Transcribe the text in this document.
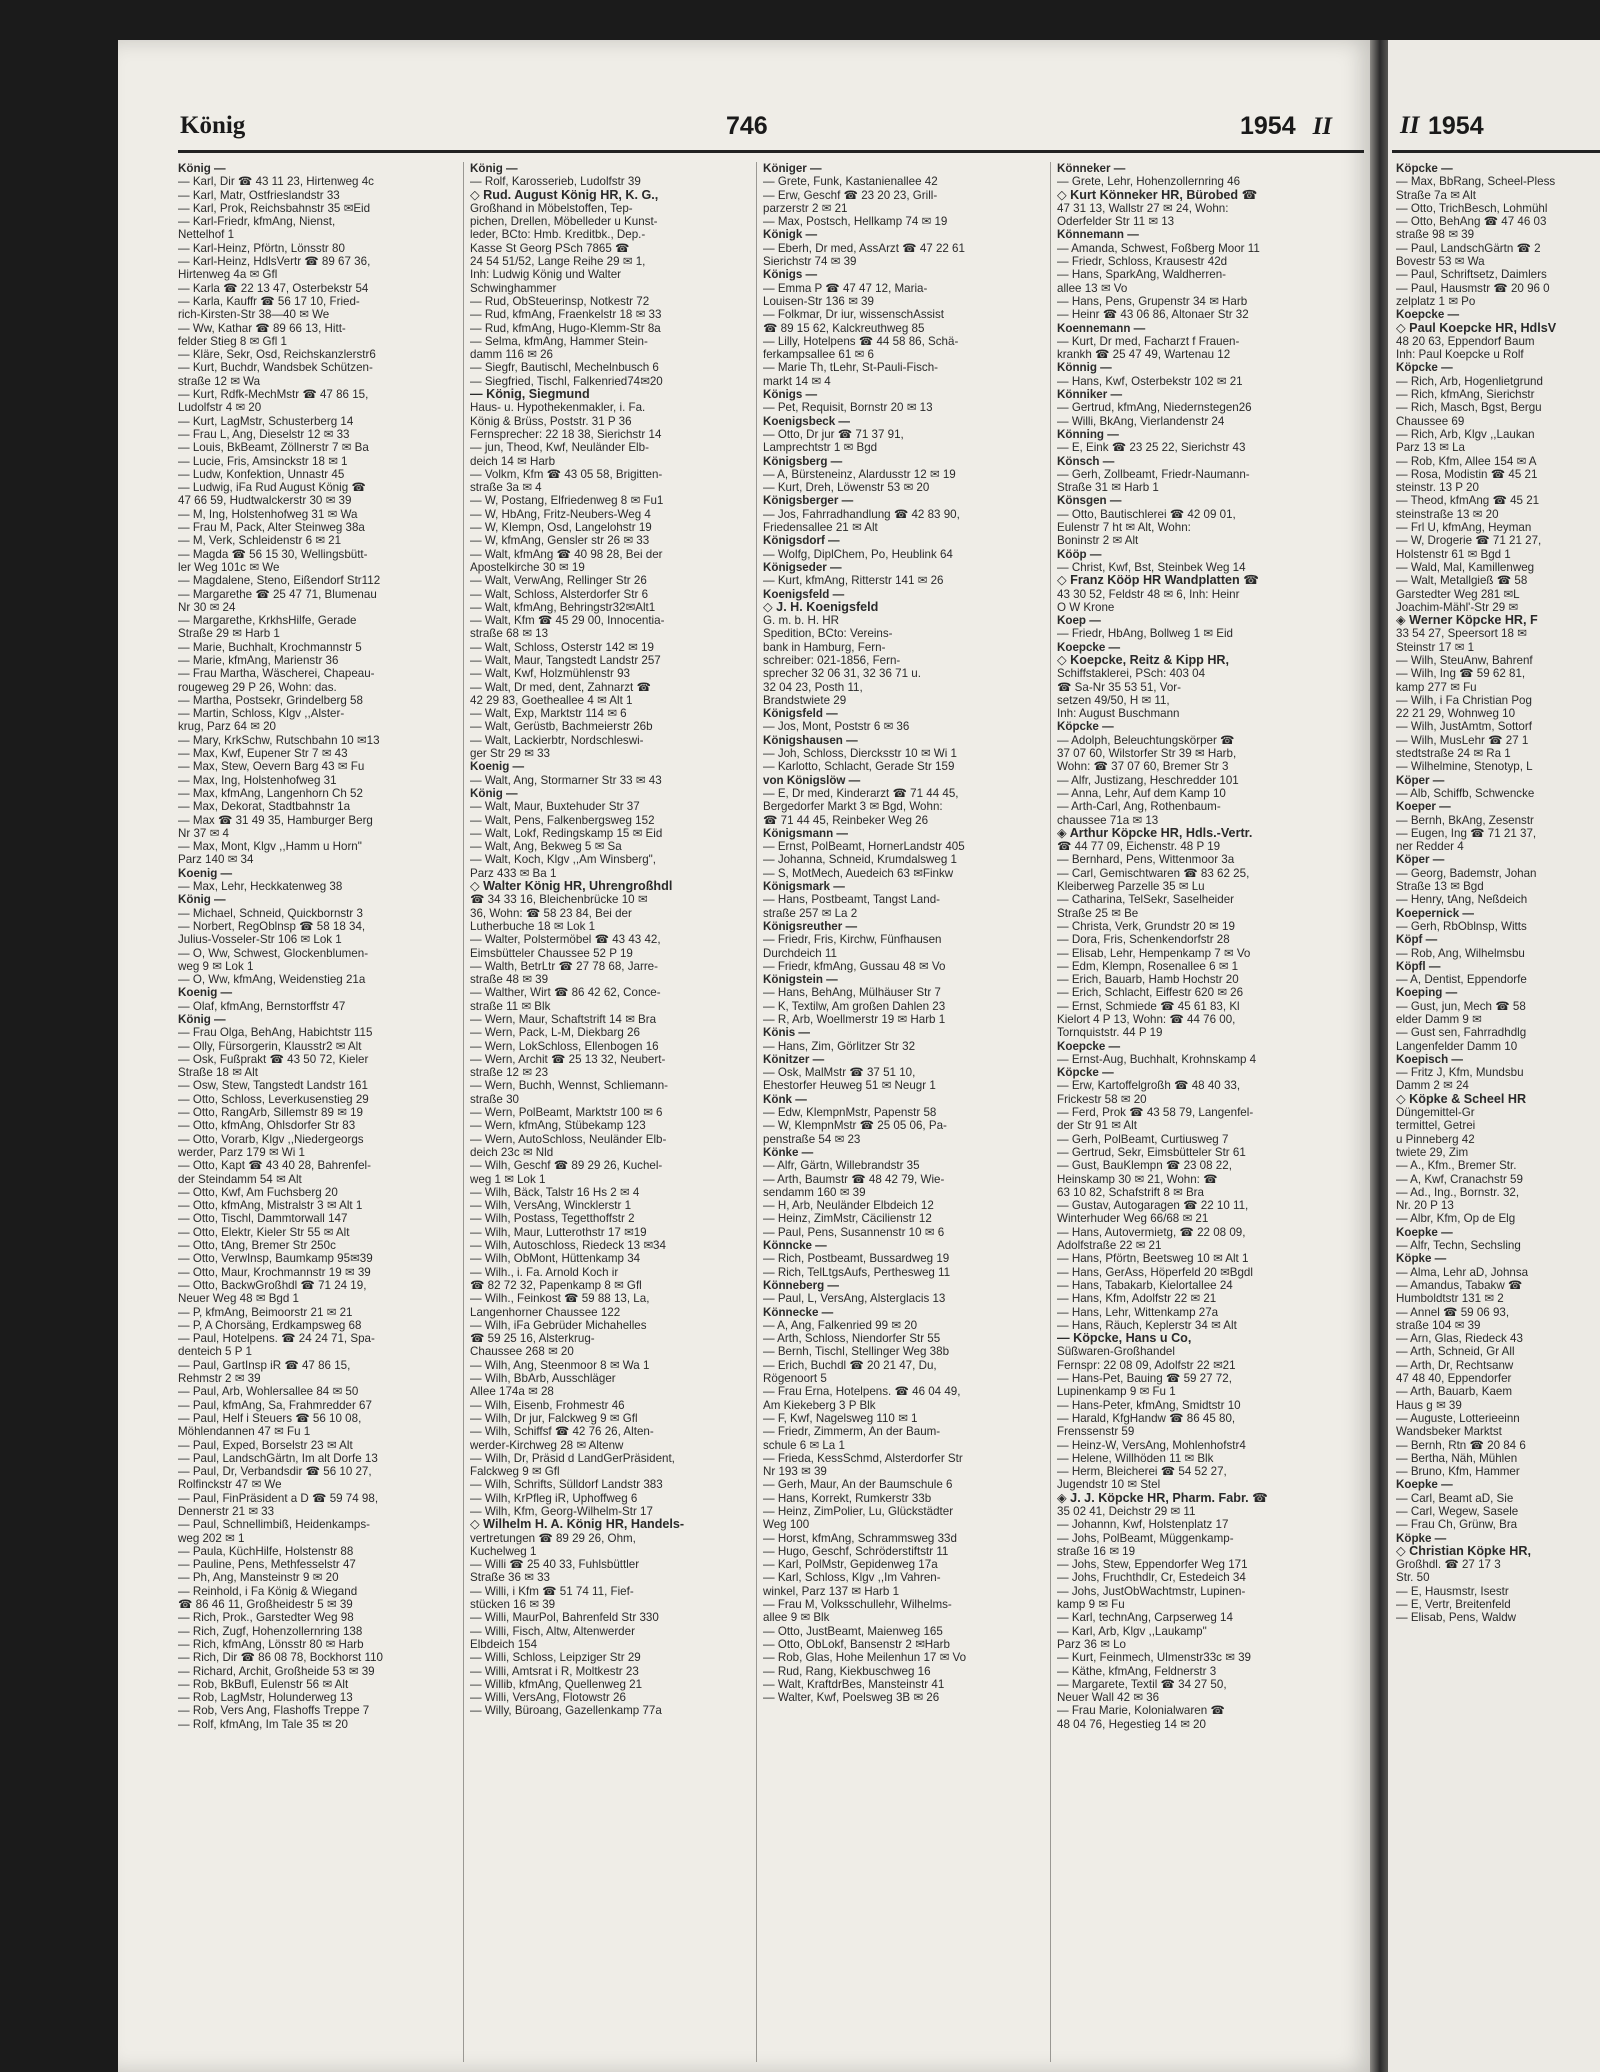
König	746	1954 II
König —
— Karl, Dir ☎ 43 11 23, Hirtenweg 4c
— Karl, Matr, Ostfrieslandstr 33
— Karl, Prok, Reichsbahnstr 35 ✉Eid
— Karl-Friedr, kfmAng, Nienst,
Nettelhof 1
— Karl-Heinz, Pförtn, Lönsstr 80
— Karl-Heinz, HdlsVertr ☎ 89 67 36,
Hirtenweg 4a ✉ Gfl
— Karla ☎ 22 13 47, Osterbekstr 54
— Karla, Kauffr ☎ 56 17 10, Fried-
rich-Kirsten-Str 38—40 ✉ We
— Ww, Kathar ☎ 89 66 13, Hitt-
felder Stieg 8 ✉ Gfl 1
— Kläre, Sekr, Osd, Reichskanzlerstr6
— Kurt, Buchdr, Wandsbek Schützen-
straße 12 ✉ Wa
— Kurt, Rdfk-MechMstr ☎ 47 86 15,
Ludolfstr 4 ✉ 20
— Kurt, LagMstr, Schusterberg 14
— Frau L, Ang, Dieselstr 12 ✉ 33
— Louis, BkBeamt, Zöllnerstr 7 ✉ Ba
— Lucie, Fris, Amsinckstr 18 ✉ 1
— Ludw, Konfektion, Unnastr 45
— Ludwig, iFa Rud August König ☎
47 66 59, Hudtwalckerstr 30 ✉ 39
— M, Ing, Holstenhofweg 31 ✉ Wa
— Frau M, Pack, Alter Steinweg 38a
— M, Verk, Schleidenstr 6 ✉ 21
— Magda ☎ 56 15 30, Wellingsbütt-
ler Weg 101c ✉ We
— Magdalene, Steno, Eißendorf Str112
— Margarethe ☎ 25 47 71, Blumenau
Nr 30 ✉ 24
— Margarethe, KrkhsHilfe, Gerade
Straße 29 ✉ Harb 1
— Marie, Buchhalt, Krochmannstr 5
— Marie, kfmAng, Marienstr 36
— Frau Martha, Wäscherei, Chapeau-
rougeweg 29 P 26, Wohn: das.
— Martha, Postsekr, Grindelberg 58
— Martin, Schloss, Klgv ,,Alster-
krug, Parz 64 ✉ 20
— Mary, KrkSchw, Rutschbahn 10 ✉13
— Max, Kwf, Eupener Str 7 ✉ 43
— Max, Stew, Oevern Barg 43 ✉ Fu
— Max, Ing, Holstenhofweg 31
— Max, kfmAng, Langenhorn Ch 52
— Max, Dekorat, Stadtbahnstr 1a
— Max ☎ 31 49 35, Hamburger Berg
Nr 37 ✉ 4
— Max, Mont, Klgv ,,Hamm u Horn"
Parz 140 ✉ 34
Koenig —
— Max, Lehr, Heckkatenweg 38
König —
— Michael, Schneid, Quickbornstr 3
— Norbert, RegOblnsp ☎ 58 18 34,
Julius-Vosseler-Str 106 ✉ Lok 1
— O, Ww, Schwest, Glockenblumen-
weg 9 ✉ Lok 1
— O, Ww, kfmAng, Weidenstieg 21a
Koenig —
— Olaf, kfmAng, Bernstorffstr 47
König —
— Frau Olga, BehAng, Habichtstr 115
— Olly, Fürsorgerin, Klausstr2 ✉ Alt
— Osk, Fußprakt ☎ 43 50 72, Kieler
Straße 18 ✉ Alt
— Osw, Stew, Tangstedt Landstr 161
— Otto, Schloss, Leverkusenstieg 29
— Otto, RangArb, Sillemstr 89 ✉ 19
— Otto, kfmAng, Ohlsdorfer Str 83
— Otto, Vorarb, Klgv ,,Niedergeorgs
werder, Parz 179 ✉ Wi 1
— Otto, Kapt ☎ 43 40 28, Bahrenfel-
der Steindamm 54 ✉ Alt
— Otto, Kwf, Am Fuchsberg 20
— Otto, kfmAng, Mistralstr 3 ✉ Alt 1
— Otto, Tischl, Dammtorwall 147
— Otto, Elektr, Kieler Str 55 ✉ Alt
— Otto, tAng, Bremer Str 250c
— Otto, VerwInsp, Baumkamp 95✉39
— Otto, Maur, Krochmannstr 19 ✉ 39
— Otto, BackwGroßhdl ☎ 71 24 19,
Neuer Weg 48 ✉ Bgd 1
— P, kfmAng, Beimoorstr 21 ✉ 21
— P, A Chorsäng, Erdkampsweg 68
— Paul, Hotelpens. ☎ 24 24 71, Spa-
denteich 5 P 1
— Paul, GartInsp iR ☎ 47 86 15,
Rehmstr 2 ✉ 39
— Paul, Arb, Wohlersallee 84 ✉ 50
— Paul, kfmAng, Sa, Frahmredder 67
— Paul, Helf i Steuers ☎ 56 10 08,
Möhlendannen 47 ✉ Fu 1
— Paul, Exped, Borselstr 23 ✉ Alt
— Paul, LandschGärtn, Im alt Dorfe 13
— Paul, Dr, Verbandsdir ☎ 56 10 27,
Rolfinckstr 47 ✉ We
— Paul, FinPräsident a D ☎ 59 74 98,
Dennerstr 21 ✉ 33
— Paul, Schnellimbiß, Heidenkamps-
weg 202 ✉ 1
— Paula, KüchHilfe, Holstenstr 88
— Pauline, Pens, Methfesselstr 47
— Ph, Ang, Mansteinstr 9 ✉ 20
— Reinhold, i Fa König & Wiegand
☎ 86 46 11, Großheidestr 5 ✉ 39
— Rich, Prok., Garstedter Weg 98
— Rich, Zugf, Hohenzollernring 138
— Rich, kfmAng, Lönsstr 80 ✉ Harb
— Rich, Dir ☎ 86 08 78, Bockhorst 110
— Richard, Archit, Großheide 53 ✉ 39
— Rob, BkBufl, Eulenstr 56 ✉ Alt
— Rob, LagMstr, Holunderweg 13
— Rob, Vers Ang, Flashoffs Treppe 7
— Rolf, kfmAng, Im Tale 35 ✉ 20
König —
— Rolf, Karosserieb, Ludolfstr 39
◇ Rud. August König HR, K. G.,
Großhand in Möbelstoffen, Tep-
pichen, Drellen, Möbelleder u Kunst-
leder, BCto: Hmb. Kreditbk., Dep.-
Kasse St Georg PSch 7865 ☎
24 54 51/52, Lange Reihe 29 ✉ 1,
Inh: Ludwig König und Walter
Schwinghammer
— Rud, ObSteuerinsp, Notkestr 72
— Rud, kfmAng, Fraenkelstr 18 ✉ 33
— Rud, kfmAng, Hugo-Klemm-Str 8a
— Selma, kfmAng, Hammer Stein-
damm 116 ✉ 26
— Siegfr, Bautischl, Mechelnbusch 6
— Siegfried, Tischl, Falkenried74✉20
— König, Siegmund
Haus- u. Hypothekenmakler, i. Fa.
König & Brüss, Poststr. 31 P 36
Fernsprecher: 22 18 38, Sierichstr 14
— jun, Theod, Kwf, Neuländer Elb-
deich 14 ✉ Harb
— Volkm, Kfm ☎ 43 05 58, Brigitten-
straße 3a ✉ 4
— W, Postang, Elfriedenweg 8 ✉ Fu1
— W, HbAng, Fritz-Neubers-Weg 4
— W, Klempn, Osd, Langelohstr 19
— W, kfmAng, Gensler str 26 ✉ 33
— Walt, kfmAng ☎ 40 98 28, Bei der
Apostelkirche 30 ✉ 19
— Walt, VerwAng, Rellinger Str 26
— Walt, Schloss, Alsterdorfer Str 6
— Walt, kfmAng, Behringstr32✉Alt1
— Walt, Kfm ☎ 45 29 00, Innocentia-
straße 68 ✉ 13
— Walt, Schloss, Osterstr 142 ✉ 19
— Walt, Maur, Tangstedt Landstr 257
— Walt, Kwf, Holzmühlenstr 93
— Walt, Dr med, dent, Zahnarzt ☎
42 29 83, Goetheallee 4 ✉ Alt 1
— Walt, Exp, Marktstr 114 ✉ 6
— Walt, Gerüstb, Bachmeierstr 26b
— Walt, Lackierbtr, Nordschleswi-
ger Str 29 ✉ 33
Koenig —
— Walt, Ang, Stormarner Str 33 ✉ 43
König —
— Walt, Maur, Buxtehuder Str 37
— Walt, Pens, Falkenbergsweg 152
— Walt, Lokf, Redingskamp 15 ✉ Eid
— Walt, Ang, Bekweg 5 ✉ Sa
— Walt, Koch, Klgv ,,Am Winsberg",
Parz 433 ✉ Ba 1
◇ Walter König HR, Uhrengroßhdl
☎ 34 33 16, Bleichenbrücke 10 ✉
36, Wohn: ☎ 58 23 84, Bei der
Lutherbuche 18 ✉ Lok 1
— Walter, Polstermöbel ☎ 43 43 42,
Eimsbütteler Chaussee 52 P 19
— Walth, BetrLtr ☎ 27 78 68, Jarre-
straße 48 ✉ 39
— Walther, Wirt ☎ 86 42 62, Conce-
straße 11 ✉ Blk
— Wern, Maur, Schaftstrift 14 ✉ Bra
— Wern, Pack, L-M, Diekbarg 26
— Wern, LokSchloss, Ellenbogen 16
— Wern, Archit ☎ 25 13 32, Neubert-
straße 12 ✉ 23
— Wern, Buchh, Wennst, Schliemann-
straße 30
— Wern, PolBeamt, Marktstr 100 ✉ 6
— Wern, kfmAng, Stübekamp 123
— Wern, AutoSchloss, Neuländer Elb-
deich 23c ✉ Nld
— Wilh, Geschf ☎ 89 29 26, Kuchel-
weg 1 ✉ Lok 1
— Wilh, Bäck, Talstr 16 Hs 2 ✉ 4
— Wilh, VersAng, Wincklerstr 1
— Wilh, Postass, Tegetthoffstr 2
— Wilh, Maur, Lutterothstr 17 ✉19
— Wilh, Autoschloss, Riedeck 13 ✉34
— Wilh, ObMont, Hüttenkamp 34
— Wilh., i. Fa. Arnold Koch ir
☎ 82 72 32, Papenkamp 8 ✉ Gfl
— Wilh., Feinkost ☎ 59 88 13, La,
Langenhorner Chaussee 122
— Wilh, iFa Gebrüder Michahelles
☎ 59 25 16, Alsterkrug-
Chaussee 268 ✉ 20
— Wilh, Ang, Steenmoor 8 ✉ Wa 1
— Wilh, BbArb, Ausschläger
Allee 174a ✉ 28
— Wilh, Eisenb, Frohmestr 46
— Wilh, Dr jur, Falckweg 9 ✉ Gfl
— Wilh, Schiffsf ☎ 42 76 26, Alten-
werder-Kirchweg 28 ✉ Altenw
— Wilh, Dr, Präsid d LandGerPräsident,
Falckweg 9 ✉ Gfl
— Wilh, Schrifts, Sülldorf Landstr 383
— Wilh, KrPfleg iR, Uphoffweg 6
— Wilh, Kfm, Georg-Wilhelm-Str 17
◇ Wilhelm H. A. König HR, Handels-
vertretungen ☎ 89 29 26, Ohm,
Kuchelweg 1
— Willi ☎ 25 40 33, Fuhlsbüttler
Straße 36 ✉ 33
— Willi, i Kfm ☎ 51 74 11, Fief-
stücken 16 ✉ 39
— Willi, MaurPol, Bahrenfeld Str 330
— Willi, Fisch, Altw, Altenwerder
Elbdeich 154
— Willi, Schloss, Leipziger Str 29
— Willi, Amtsrat i R, Moltkestr 23
— Willib, kfmAng, Quellenweg 21
— Willi, VersAng, Flotowstr 26
— Willy, Büroang, Gazellenkamp 77a
Königer —
— Grete, Funk, Kastanienallee 42
— Erw, Geschf ☎ 23 20 23, Grill-
parzerstr 2 ✉ 21
— Max, Postsch, Hellkamp 74 ✉ 19
Königk —
— Eberh, Dr med, AssArzt ☎ 47 22 61
Sierichstr 74 ✉ 39
Königs —
— Emma P ☎ 47 47 12, Maria-
Louisen-Str 136 ✉ 39
— Folkmar, Dr iur, wissenschAssist
☎ 89 15 62, Kalckreuthweg 85
— Lilly, Hotelpens ☎ 44 58 86, Schä-
ferkampsallee 61 ✉ 6
— Marie Th, tLehr, St-Pauli-Fisch-
markt 14 ✉ 4
Königs —
— Pet, Requisit, Bornstr 20 ✉ 13
Koenigsbeck —
— Otto, Dr jur ☎ 71 37 91,
Lamprechtstr 1 ✉ Bgd
Königsberg —
— A, Bürsteneinz, Alardusstr 12 ✉ 19
— Kurt, Dreh, Löwenstr 53 ✉ 20
Königsberger —
— Jos, Fahrradhandlung ☎ 42 83 90,
Friedensallee 21 ✉ Alt
Königsdorf —
— Wolfg, DiplChem, Po, Heublink 64
Königseder —
— Kurt, kfmAng, Ritterstr 141 ✉ 26
Koenigsfeld —
◇ J. H. Koenigsfeld
G. m. b. H. HR
Spedition, BCto: Vereins-
bank in Hamburg, Fern-
schreiber: 021-1856, Fern-
sprecher 32 06 31, 32 36 71 u.
32 04 23, Posth 11,
Brandstwiete 29
Königsfeld —
— Jos, Mont, Poststr 6 ✉ 36
Königshausen —
— Joh, Schloss, Diercksstr 10 ✉ Wi 1
— Karlotto, Schlacht, Gerade Str 159
von Königslöw —
— E, Dr med, Kinderarzt ☎ 71 44 45,
Bergedorfer Markt 3 ✉ Bgd, Wohn:
☎ 71 44 45, Reinbeker Weg 26
Königsmann —
— Ernst, PolBeamt, HornerLandstr 405
— Johanna, Schneid, Krumdalsweg 1
— S, MotMech, Auedeich 63 ✉Finkw
Königsmark —
— Hans, Postbeamt, Tangst Land-
straße 257 ✉ La 2
Königsreuther —
— Friedr, Fris, Kirchw, Fünfhausen
Durchdeich 11
— Friedr, kfmAng, Gussau 48 ✉ Vo
Königstein —
— Hans, BehAng, Mülhäuser Str 7
— K, Textilw, Am großen Dahlen 23
— R, Arb, Woellmerstr 19 ✉ Harb 1
Könis —
— Hans, Zim, Görlitzer Str 32
Könitzer —
— Osk, MalMstr ☎ 37 51 10,
Ehestorfer Heuweg 51 ✉ Neugr 1
Könk —
— Edw, KlempnMstr, Papenstr 58
— W, KlempnMstr ☎ 25 05 06, Pa-
penstraße 54 ✉ 23
Könke —
— Alfr, Gärtn, Willebrandstr 35
— Arth, Baumstr ☎ 48 42 79, Wie-
sendamm 160 ✉ 39
— H, Arb, Neuländer Elbdeich 12
— Heinz, ZimMstr, Cäcilienstr 12
— Paul, Pens, Susannenstr 10 ✉ 6
Könncke —
— Rich, Postbeamt, Bussardweg 19
— Rich, TelLtgsAufs, Perthesweg 11
Könneberg —
— Paul, L, VersAng, Alsterglacis 13
Könnecke —
— A, Ang, Falkenried 99 ✉ 20
— Arth, Schloss, Niendorfer Str 55
— Bernh, Tischl, Stellinger Weg 38b
— Erich, Buchdl ☎ 20 21 47, Du,
Rögenoort 5
— Frau Erna, Hotelpens. ☎ 46 04 49,
Am Kiekeberg 3 P Blk
— F, Kwf, Nagelsweg 110 ✉ 1
— Friedr, Zimmerm, An der Baum-
schule 6 ✉ La 1
— Frieda, KessSchmd, Alsterdorfer Str
Nr 193 ✉ 39
— Gerh, Maur, An der Baumschule 6
— Hans, Korrekt, Rumkerstr 33b
— Heinz, ZimPolier, Lu, Glückstädter
Weg 100
— Horst, kfmAng, Schrammsweg 33d
— Hugo, Geschf, Schröderstiftstr 11
— Karl, PolMstr, Gepidenweg 17a
— Karl, Schloss, Klgv ,,Im Vahren-
winkel, Parz 137 ✉ Harb 1
— Frau M, Volksschullehr, Wilhelms-
allee 9 ✉ Blk
— Otto, JustBeamt, Maienweg 165
— Otto, ObLokf, Bansenstr 2 ✉Harb
— Rob, Glas, Hohe Meilenhun 17 ✉ Vo
— Rud, Rang, Kiekbuschweg 16
— Walt, KraftdrBes, Mansteinstr 41
— Walter, Kwf, Poelsweg 3B ✉ 26
Könneker —
— Grete, Lehr, Hohenzollernring 46
◇ Kurt Könneker HR, Bürobed ☎
47 31 13, Wallstr 27 ✉ 24, Wohn:
Oderfelder Str 11 ✉ 13
Könnemann —
— Amanda, Schwest, Foßberg Moor 11
— Friedr, Schloss, Krausestr 42d
— Hans, SparkAng, Waldherren-
allee 13 ✉ Vo
— Hans, Pens, Grupenstr 34 ✉ Harb
— Heinr ☎ 43 06 86, Altonaer Str 32
Koennemann —
— Kurt, Dr med, Facharzt f Frauen-
krankh ☎ 25 47 49, Wartenau 12
Könnig —
— Hans, Kwf, Osterbekstr 102 ✉ 21
Könniker —
— Gertrud, kfmAng, Niedernstegen26
— Willi, BkAng, Vierlandenstr 24
Könning —
— E, Eink ☎ 23 25 22, Sierichstr 43
Könsch —
— Gerh, Zollbeamt, Friedr-Naumann-
Straße 31 ✉ Harb 1
Könsgen —
— Otto, Bautischlerei ☎ 42 09 01,
Eulenstr 7 ht ✉ Alt, Wohn:
Boninstr 2 ✉ Alt
Kööp —
— Christ, Kwf, Bst, Steinbek Weg 14
◇ Franz Kööp HR Wandplatten ☎
43 30 52, Feldstr 48 ✉ 6, Inh: Heinr
O W Krone
Koep —
— Friedr, HbAng, Bollweg 1 ✉ Eid
Koepcke —
◇ Koepcke, Reitz & Kipp HR,
Schiffstaklerei, PSch: 403 04
☎ Sa-Nr 35 53 51, Vor-
setzen 49/50, H ✉ 11,
Inh: August Buschmann
Köpcke —
— Adolph, Beleuchtungskörper ☎
37 07 60, Wilstorfer Str 39 ✉ Harb,
Wohn: ☎ 37 07 60, Bremer Str 3
— Alfr, Justizang, Heschredder 101
— Anna, Lehr, Auf dem Kamp 10
— Arth-Carl, Ang, Rothenbaum-
chaussee 71a ✉ 13
◈ Arthur Köpcke HR, Hdls.-Vertr.
☎ 44 77 09, Eichenstr. 48 P 19
— Bernhard, Pens, Wittenmoor 3a
— Carl, Gemischtwaren ☎ 83 62 25,
Kleiberweg Parzelle 35 ✉ Lu
— Catharina, TelSekr, Saselheider
Straße 25 ✉ Be
— Christa, Verk, Grundstr 20 ✉ 19
— Dora, Fris, Schenkendorfstr 28
— Elisab, Lehr, Hempenkamp 7 ✉ Vo
— Edm, Klempn, Rosenallee 6 ✉ 1
— Erich, Bauarb, Hamb Hochstr 20
— Erich, Schlacht, Eiffestr 620 ✉ 26
— Ernst, Schmiede ☎ 45 61 83, Kl
Kielort 4 P 13, Wohn: ☎ 44 76 00,
Tornquiststr. 44 P 19
Koepcke —
— Ernst-Aug, Buchhalt, Krohnskamp 4
Köpcke —
— Erw, Kartoffelgroßh ☎ 48 40 33,
Frickestr 58 ✉ 20
— Ferd, Prok ☎ 43 58 79, Langenfel-
der Str 91 ✉ Alt
— Gerh, PolBeamt, Curtiusweg 7
— Gertrud, Sekr, Eimsbütteler Str 61
— Gust, BauKlempn ☎ 23 08 22,
Heinskamp 30 ✉ 21, Wohn: ☎
63 10 82, Schafstrift 8 ✉ Bra
— Gustav, Autogaragen ☎ 22 10 11,
Winterhuder Weg 66/68 ✉ 21
— Hans, Autovermietg, ☎ 22 08 09,
Adolfstraße 22 ✉ 21
— Hans, Pförtn, Beetsweg 10 ✉ Alt 1
— Hans, GerAss, Höperfeld 20 ✉Bgdl
— Hans, Tabakarb, Kielortallee 24
— Hans, Kfm, Adolfstr 22 ✉ 21
— Hans, Lehr, Wittenkamp 27a
— Hans, Räuch, Keplerstr 34 ✉ Alt
— Köpcke, Hans u Co,
Süßwaren-Großhandel
Fernspr: 22 08 09, Adolfstr 22 ✉21
— Hans-Pet, Bauing ☎ 59 27 72,
Lupinenkamp 9 ✉ Fu 1
— Hans-Peter, kfmAng, Smidtstr 10
— Harald, KfgHandw ☎ 86 45 80,
Frenssenstr 59
— Heinz-W, VersAng, Mohlenhofstr4
— Helene, Willhöden 11 ✉ Blk
— Herm, Bleicherei ☎ 54 52 27,
Jugendstr 10 ✉ Stel
◈ J. J. Köpcke HR, Pharm. Fabr. ☎
35 02 41, Deichstr 29 ✉ 11
— Johannn, Kwf, Holstenplatz 17
— Johs, PolBeamt, Müggenkamp-
straße 16 ✉ 19
— Johs, Stew, Eppendorfer Weg 171
— Johs, Fruchthdlr, Cr, Estedeich 34
— Johs, JustObWachtmstr, Lupinen-
kamp 9 ✉ Fu
— Karl, technAng, Carpserweg 14
— Karl, Arb, Klgv ,,Laukamp"
Parz 36 ✉ Lo
— Kurt, Feinmech, Ulmenstr33c ✉ 39
— Käthe, kfmAng, Feldnerstr 3
— Margarete, Textil ☎ 34 27 50,
Neuer Wall 42 ✉ 36
— Frau Marie, Kolonialwaren ☎
48 04 76, Hegestieg 14 ✉ 20
II 1954
Köpcke —
— Max, BbRang, Scheel-Pless
Straße 7a ✉ Alt
— Otto, TrichBesch, Lohmühl
— Otto, BehAng ☎ 47 46 03
straße 98 ✉ 39
— Paul, LandschGärtn ☎ 2
Bovestr 53 ✉ Wa
— Paul, Schriftsetz, Daimlers
— Paul, Hausmstr ☎ 20 96 0
zelplatz 1 ✉ Po
Koepcke —
◇ Paul Koepcke HR, HdlsV
48 20 63, Eppendorf Baum
Inh: Paul Koepcke u Rolf
Köpcke —
— Rich, Arb, Hogenlietgrund
— Rich, kfmAng, Sierichstr
— Rich, Masch, Bgst, Bergu
Chaussee 69
— Rich, Arb, Klgv ,,Laukan
Parz 13 ✉ La
— Rob, Kfm, Allee 154 ✉ A
— Rosa, Modistin ☎ 45 21
steinstr. 13 P 20
— Theod, kfmAng ☎ 45 21
steinstraße 13 ✉ 20
— Frl U, kfmAng, Heyman
— W, Drogerie ☎ 71 21 27,
Holstenstr 61 ✉ Bgd 1
— Wald, Mal, Kamillenweg
— Walt, Metallgieß ☎ 58
Garstedter Weg 281 ✉L
Joachim-Mähl'-Str 29 ✉
◈ Werner Köpcke HR, F
33 54 27, Speersort 18 ✉
Steinstr 17 ✉ 1
— Wilh, SteuAnw, Bahrenf
— Wilh, Ing ☎ 59 62 81,
kamp 277 ✉ Fu
— Wilh, i Fa Christian Pog
22 21 29, Wohnweg 10
— Wilh, JustAmtm, Sottorf
— Wilh, MusLehr ☎ 27 1
stedtstraße 24 ✉ Ra 1
— Wilhelmine, Stenotyp, L
Köper —
— Alb, Schiffb, Schwencke
Koeper —
— Bernh, BkAng, Zesenstr
— Eugen, Ing ☎ 71 21 37,
ner Redder 4
Köper —
— Georg, Bademstr, Johan
Straße 13 ✉ Bgd
— Henry, tAng, Neßdeich
Koepernick —
— Gerh, RbOblnsp, Witts
Köpf —
— Rob, Ang, Wilhelmsbu
Köpfl —
— A, Dentist, Eppendorfe
Koeping —
— Gust, jun, Mech ☎ 58
elder Damm 9 ✉
— Gust sen, Fahrradhdlg
Langenfelder Damm 10
Koepisch —
— Fritz J, Kfm, Mundsbu
Damm 2 ✉ 24
◇ Köpke & Scheel HR
Düngemittel-Gr
termittel, Getrei
u Pinneberg 42
twiete 29, Zim
— A., Kfm., Bremer Str.
— A, Kwf, Cranachstr 59
— Ad., Ing., Bornstr. 32,
Nr. 20 P 13
— Albr, Kfm, Op de Elg
Koepke —
— Alfr, Techn, Sechsling
Köpke —
— Alma, Lehr aD, Johnsa
— Amandus, Tabakw ☎
Humboldtstr 131 ✉ 2
— Annel ☎ 59 06 93,
straße 104 ✉ 39
— Arn, Glas, Riedeck 43
— Arth, Schneid, Gr All
— Arth, Dr, Rechtsanw
47 48 40, Eppendorfer
— Arth, Bauarb, Kaem
Haus g ✉ 39
— Auguste, Lotterieeinn
Wandsbeker Marktst
— Bernh, Rtn ☎ 20 84 6
— Bertha, Näh, Mühlen
— Bruno, Kfm, Hammer
Koepke —
— Carl, Beamt aD, Sie
— Carl, Wegew, Sasele
— Frau Ch, Grünw, Bra
Köpke —
◇ Christian Köpke HR,
Großhdl. ☎ 27 17 3
Str. 50
— E, Hausmstr, Isestr
— E, Vertr, Breitenfeld
— Elisab, Pens, Waldw
